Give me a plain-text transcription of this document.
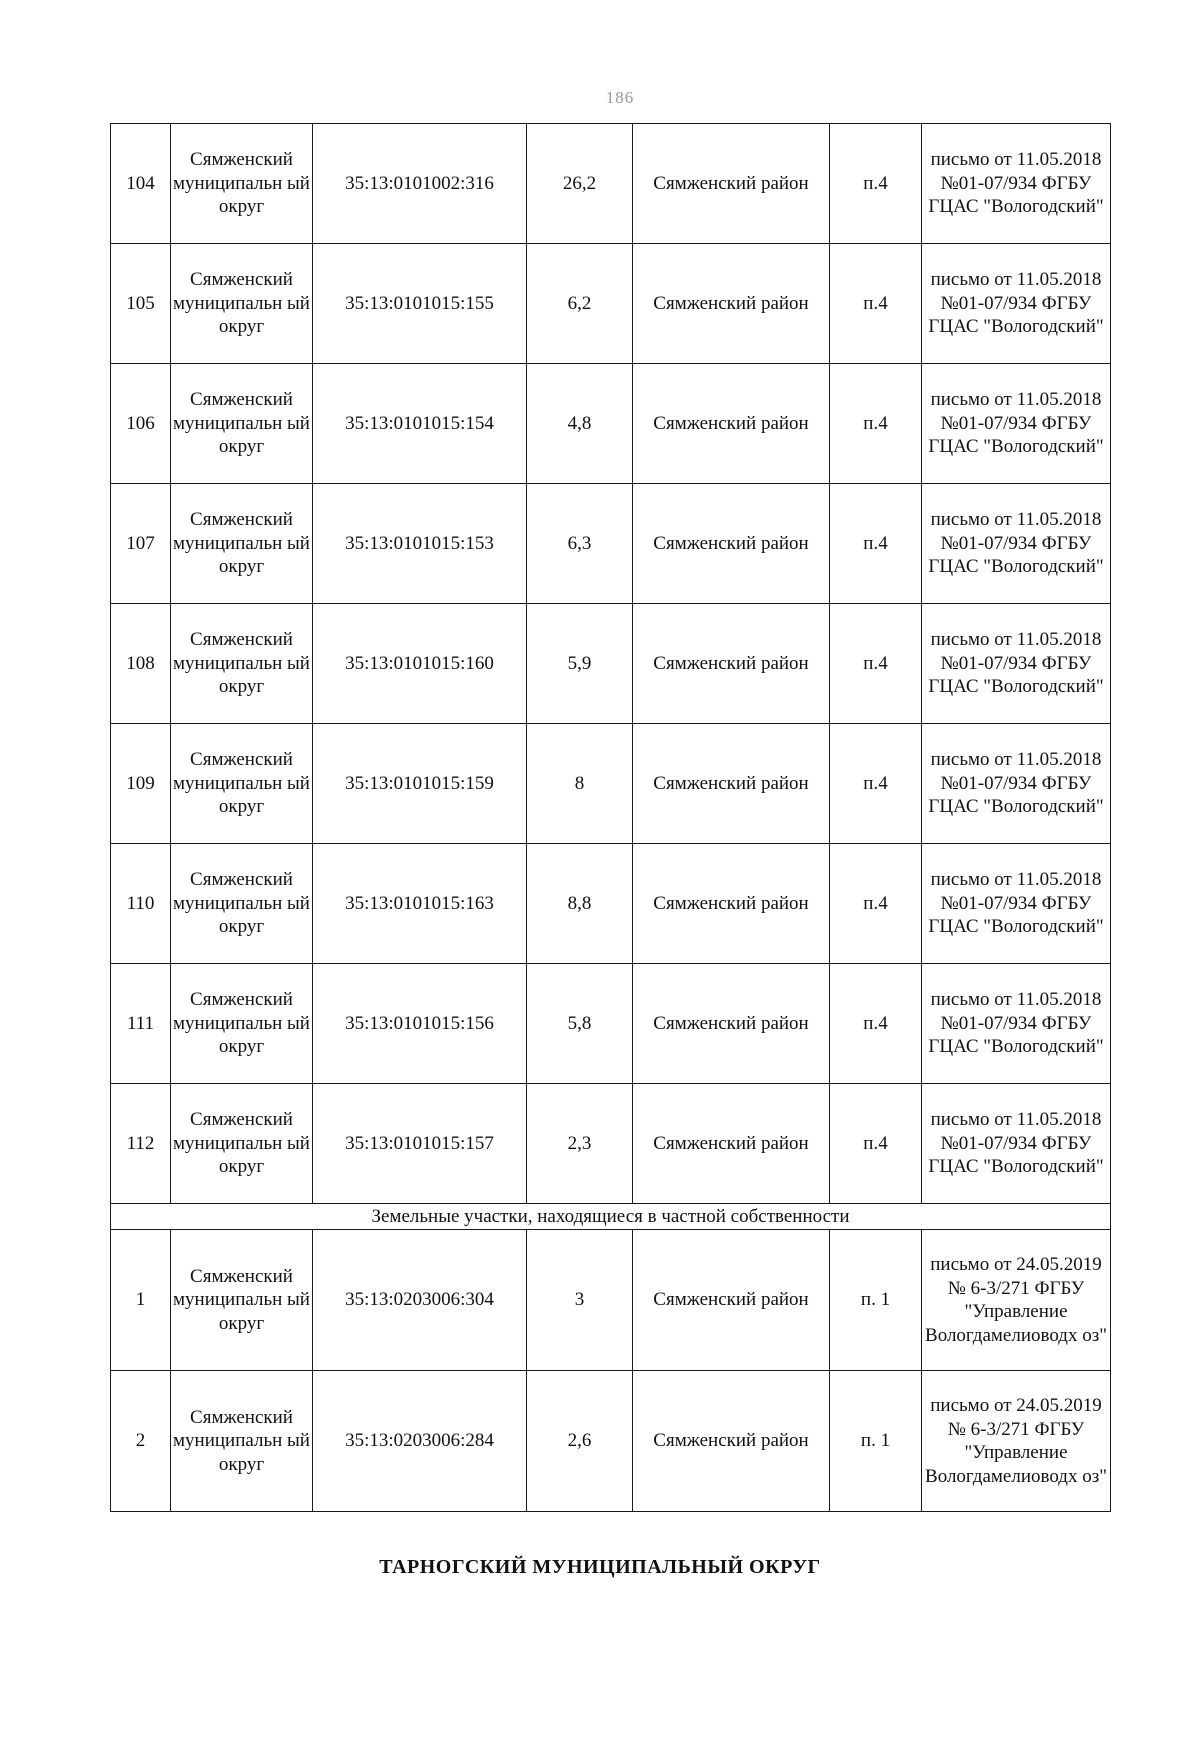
186
104	Сямженский муниципальн ый округ	35:13:0101002:316	26,2	Сямженский район	п.4	письмо от 11.05.2018 №01-07/934 ФГБУ ГЦАС "Вологодский"
105	Сямженский муниципальн ый округ	35:13:0101015:155	6,2	Сямженский район	п.4	письмо от 11.05.2018 №01-07/934 ФГБУ ГЦАС "Вологодский"
106	Сямженский муниципальн ый округ	35:13:0101015:154	4,8	Сямженский район	п.4	письмо от 11.05.2018 №01-07/934 ФГБУ ГЦАС "Вологодский"
107	Сямженский муниципальн ый округ	35:13:0101015:153	6,3	Сямженский район	п.4	письмо от 11.05.2018 №01-07/934 ФГБУ ГЦАС "Вологодский"
108	Сямженский муниципальн ый округ	35:13:0101015:160	5,9	Сямженский район	п.4	письмо от 11.05.2018 №01-07/934 ФГБУ ГЦАС "Вологодский"
109	Сямженский муниципальн ый округ	35:13:0101015:159	8	Сямженский район	п.4	письмо от 11.05.2018 №01-07/934 ФГБУ ГЦАС "Вологодский"
110	Сямженский муниципальн ый округ	35:13:0101015:163	8,8	Сямженский район	п.4	письмо от 11.05.2018 №01-07/934 ФГБУ ГЦАС "Вологодский"
111	Сямженский муниципальн ый округ	35:13:0101015:156	5,8	Сямженский район	п.4	письмо от 11.05.2018 №01-07/934 ФГБУ ГЦАС "Вологодский"
112	Сямженский муниципальн ый округ	35:13:0101015:157	2,3	Сямженский район	п.4	письмо от 11.05.2018 №01-07/934 ФГБУ ГЦАС "Вологодский"
Земельные участки, находящиеся в частной собственности						
1	Сямженский муниципальн ый округ	35:13:0203006:304	3	Сямженский район	п. 1	письмо от 24.05.2019 № 6-3/271 ФГБУ "Управление Вологдамелиоводх оз"
2	Сямженский муниципальн ый округ	35:13:0203006:284	2,6	Сямженский район	п. 1	письмо от 24.05.2019 № 6-3/271 ФГБУ "Управление Вологдамелиоводх оз"
ТАРНОГСКИЙ МУНИЦИПАЛЬНЫЙ ОКРУГ
